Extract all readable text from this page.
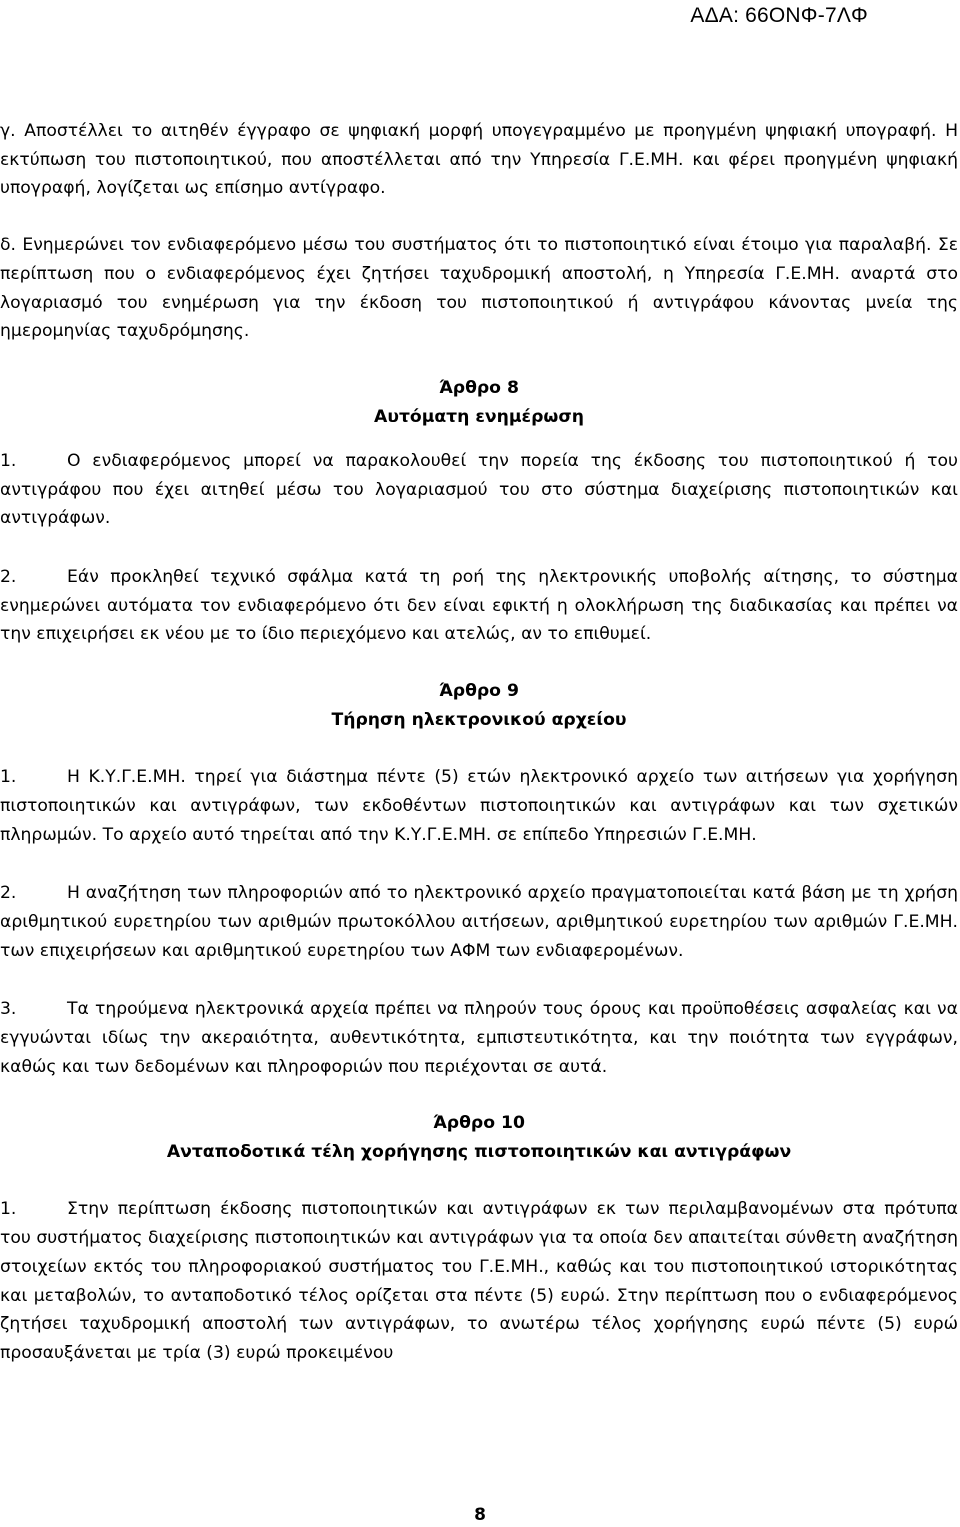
ΑΔΑ: 66ΟΝΦ-7ΛΦ

γ. Αποστέλλει το αιτηθέν έγγραφο σε ψηφιακή μορφή υπογεγραμμένο με προηγμένη ψηφιακή υπογραφή. Η εκτύπωση του πιστοποιητικού, που αποστέλλεται από την Υπηρεσία Γ.Ε.ΜΗ. και φέρει προηγμένη ψηφιακή υπογραφή, λογίζεται ως επίσημο αντίγραφο.

δ. Ενημερώνει τον ενδιαφερόμενο μέσω του συστήματος ότι το πιστοποιητικό είναι έτοιμο για παραλαβή. Σε περίπτωση που ο ενδιαφερόμενος έχει ζητήσει ταχυδρομική αποστολή, η Υπηρεσία Γ.Ε.ΜΗ. αναρτά στο λογαριασμό του ενημέρωση για την έκδοση του πιστοποιητικού ή αντιγράφου κάνοντας μνεία της ημερομηνίας ταχυδρόμησης.

Άρθρο 8

Αυτόματη ενημέρωση

1.	Ο ενδιαφερόμενος μπορεί να παρακολουθεί την πορεία της έκδοσης του πιστοποιητικού ή του αντιγράφου που έχει αιτηθεί μέσω του λογαριασμού του στο σύστημα διαχείρισης πιστοποιητικών και αντιγράφων.

2.	Εάν προκληθεί τεχνικό σφάλμα κατά τη ροή της ηλεκτρονικής υποβολής αίτησης, το σύστημα ενημερώνει αυτόματα τον ενδιαφερόμενο ότι δεν είναι εφικτή η ολοκλήρωση της διαδικασίας και πρέπει να την επιχειρήσει εκ νέου με το ίδιο περιεχόμενο και ατελώς, αν το επιθυμεί.

Άρθρο 9

Τήρηση ηλεκτρονικού αρχείου

1.	Η Κ.Υ.Γ.Ε.ΜΗ. τηρεί για διάστημα πέντε (5) ετών ηλεκτρονικό αρχείο των αιτήσεων για χορήγηση πιστοποιητικών και αντιγράφων, των εκδοθέντων πιστοποιητικών και αντιγράφων και των σχετικών πληρωμών. Το αρχείο αυτό τηρείται από την Κ.Υ.Γ.Ε.ΜΗ. σε επίπεδο Υπηρεσιών Γ.Ε.ΜΗ.

2.	Η αναζήτηση των πληροφοριών από το ηλεκτρονικό αρχείο πραγματοποιείται κατά βάση με τη χρήση αριθμητικού ευρετηρίου των αριθμών πρωτοκόλλου αιτήσεων, αριθμητικού ευρετηρίου των αριθμών Γ.Ε.ΜΗ. των επιχειρήσεων και αριθμητικού ευρετηρίου των ΑΦΜ των ενδιαφερομένων.

3.	Τα τηρούμενα ηλεκτρονικά αρχεία πρέπει να πληρούν τους όρους και προϋποθέσεις ασφαλείας και να εγγυώνται ιδίως την ακεραιότητα, αυθεντικότητα, εμπιστευτικότητα, και την ποιότητα των εγγράφων, καθώς και των δεδομένων και πληροφοριών που περιέχονται σε αυτά.

Άρθρο 10

Ανταποδοτικά τέλη χορήγησης πιστοποιητικών και αντιγράφων

1.	Στην περίπτωση έκδοσης πιστοποιητικών και αντιγράφων εκ των περιλαμβανομένων στα πρότυπα του συστήματος διαχείρισης πιστοποιητικών και αντιγράφων για τα οποία δεν απαιτείται σύνθετη αναζήτηση στοιχείων εκτός του πληροφοριακού συστήματος του Γ.Ε.ΜΗ., καθώς και του πιστοποιητικού ιστορικότητας και μεταβολών, το ανταποδοτικό τέλος ορίζεται στα πέντε (5) ευρώ. Στην περίπτωση που ο ενδιαφερόμενος ζητήσει ταχυδρομική αποστολή των αντιγράφων, το ανωτέρω τέλος χορήγησης ευρώ πέντε (5) ευρώ προσαυξάνεται με τρία (3) ευρώ προκειμένου

8
